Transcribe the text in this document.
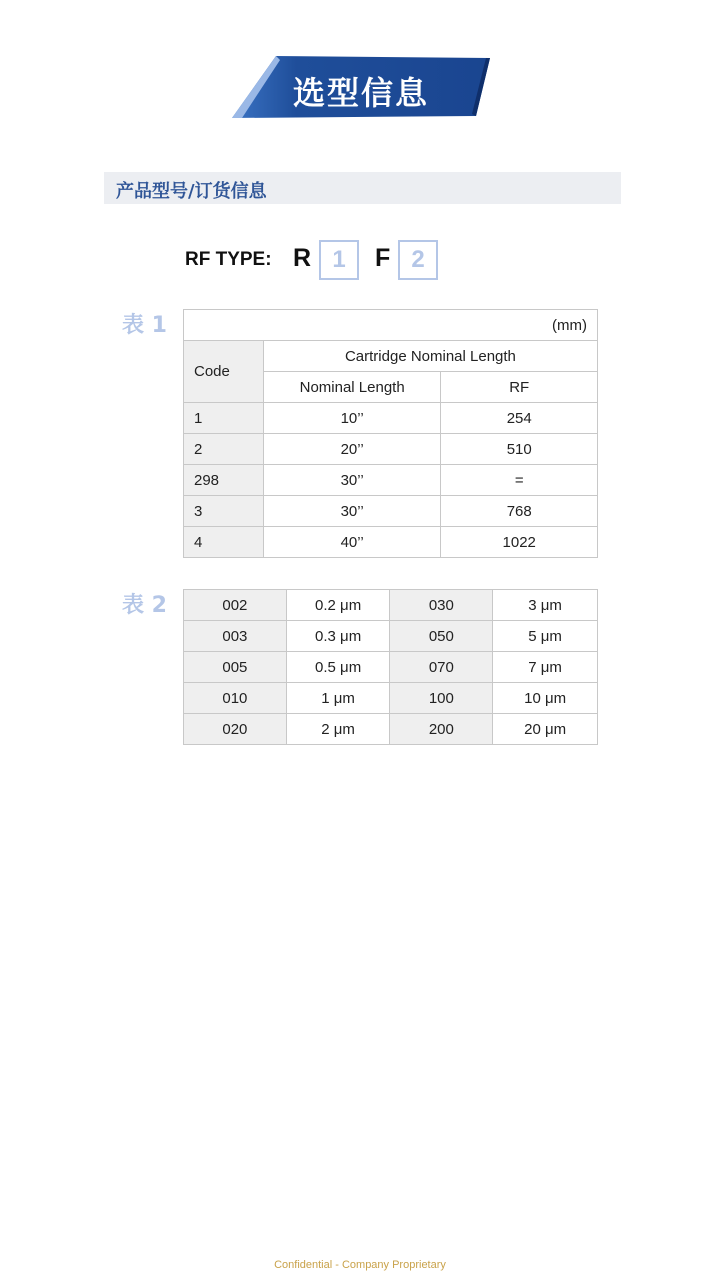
选型信息
产品型号/订货信息
RF TYPE: R 1	F 2
表 1	(mm)		
Code	Cartridge Nominal Length	
	Nominal Length	RF
1	10’’	254
2	20’’	510
298	30’’	=
3	30’’	768
4	40’’	1022
表 2	002	0.2 μm	030	3 μm
003	0.3 μm	050	5 μm
005	0.5 μm	070	7 μm
010	1 μm	100	10 μm
020	2 μm	200	20 μm
Confidential - Company Proprietary
